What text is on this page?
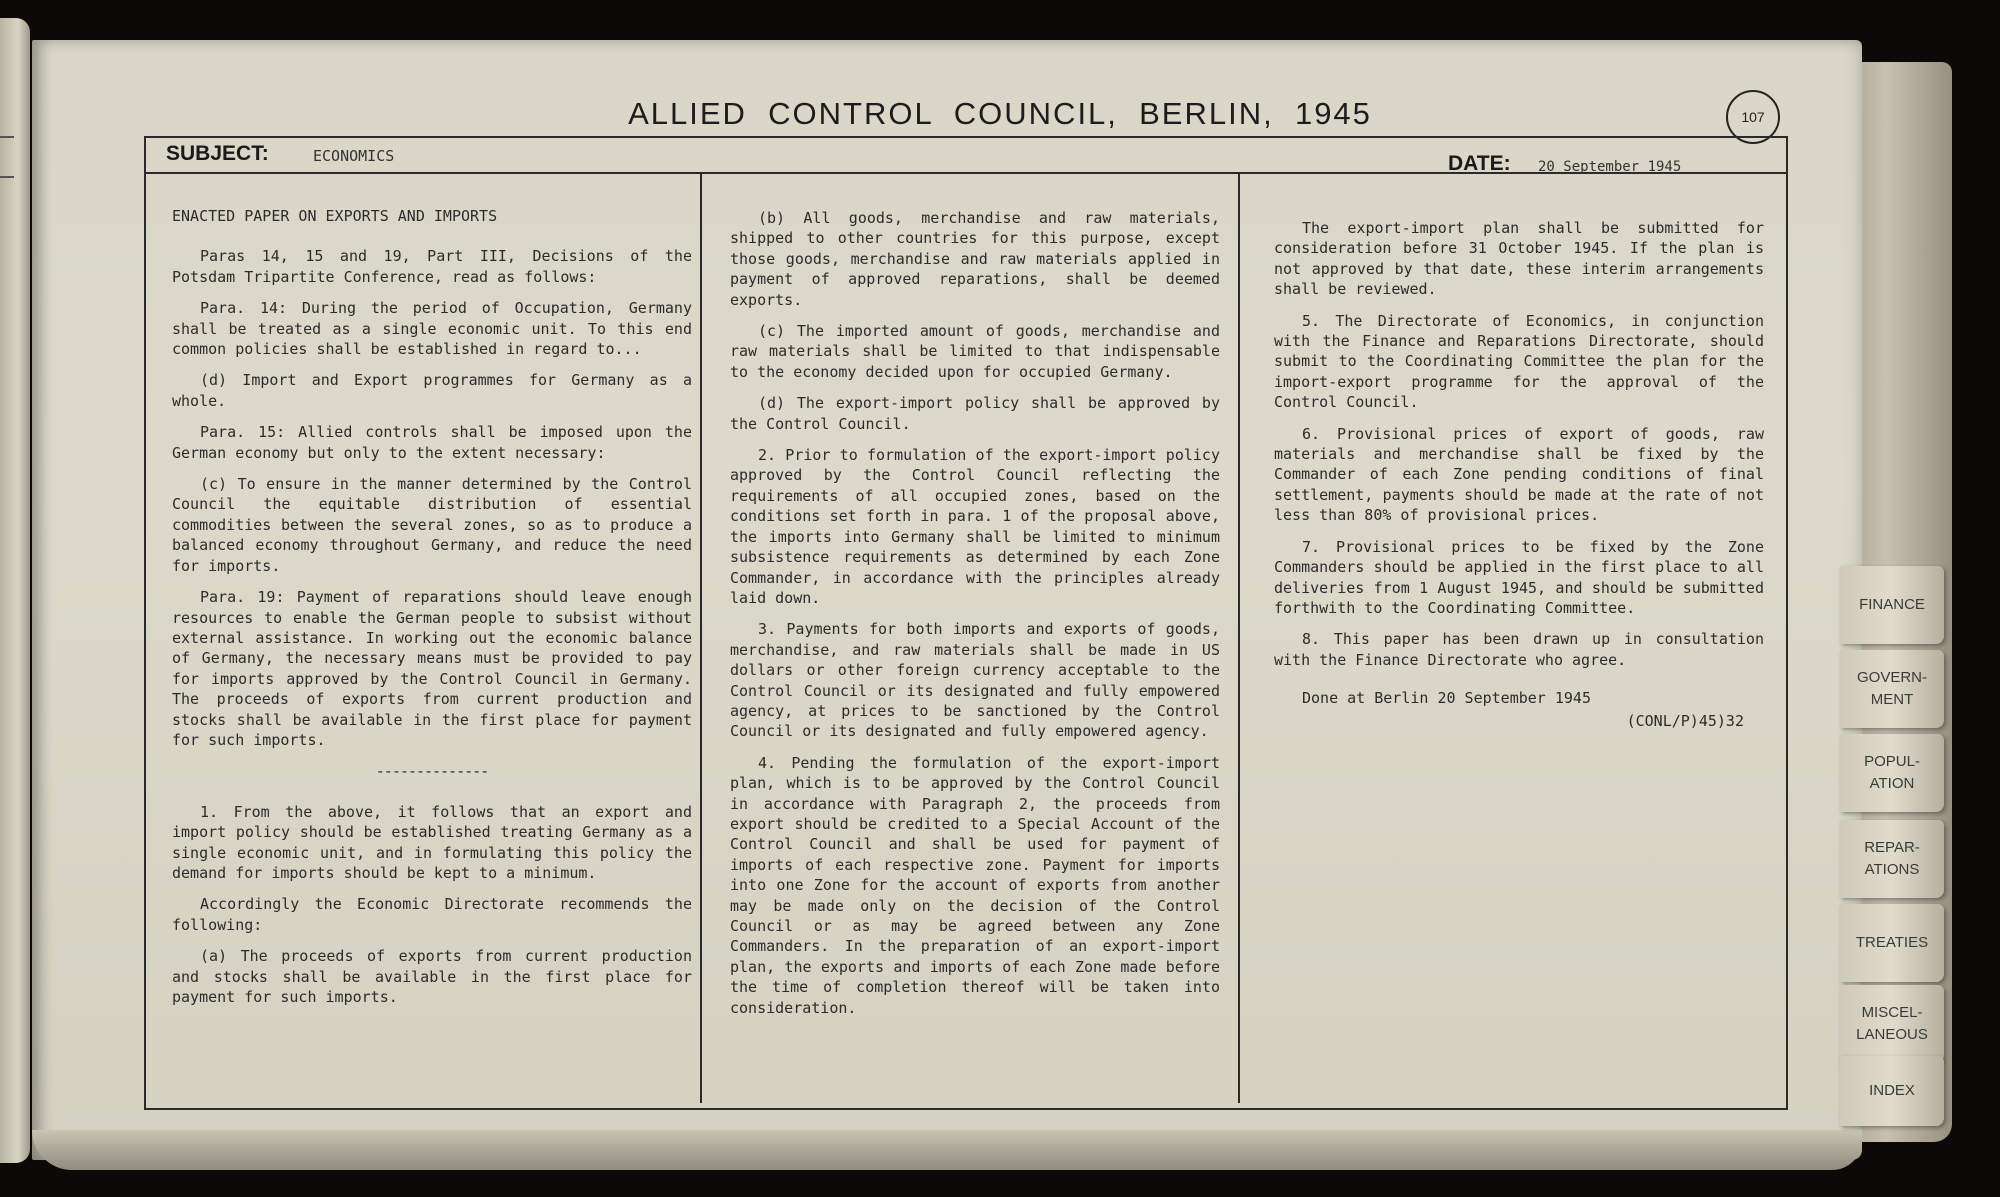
ALLIED  CONTROL  COUNCIL,  BERLIN,  1945	107
SUBJECT:	ECONOMICS	DATE: 20 September 1945

ENACTED PAPER ON EXPORTS AND IMPORTS

Paras 14, 15 and 19, Part III, Decisions of the Potsdam Tripartite Conference, read as follows:

Para. 14: During the period of Occupation, Germany shall be treated as a single economic unit. To this end common policies shall be established in regard to...

(d) Import and Export programmes for Germany as a whole.

Para. 15: Allied controls shall be imposed upon the German economy but only to the extent necessary:

(c) To ensure in the manner determined by the Control Council the equitable distribution of essential commodities between the several zones, so as to produce a balanced economy throughout Germany, and reduce the need for imports.

Para. 19: Payment of reparations should leave enough resources to enable the German people to subsist without external assistance. In working out the economic balance of Germany, the necessary means must be provided to pay for imports approved by the Control Council in Germany. The proceeds of exports from current production and stocks shall be available in the first place for payment for such imports.

--------------

1. From the above, it follows that an export and import policy should be established treating Germany as a single economic unit, and in formulating this policy the demand for imports should be kept to a minimum.

Accordingly the Economic Directorate recommends the following:

(a) The proceeds of exports from current production and stocks shall be available in the first place for payment for such imports.

(b) All goods, merchandise and raw materials, shipped to other countries for this purpose, except those goods, merchandise and raw materials applied in payment of approved reparations, shall be deemed exports.

(c) The imported amount of goods, merchandise and raw materials shall be limited to that indispensable to the economy decided upon for occupied Germany.

(d) The export-import policy shall be approved by the Control Council.

2. Prior to formulation of the export-import policy approved by the Control Council reflecting the requirements of all occupied zones, based on the conditions set forth in para. 1 of the proposal above, the imports into Germany shall be limited to minimum subsistence requirements as determined by each Zone Commander, in accordance with the principles already laid down.

3. Payments for both imports and exports of goods, merchandise, and raw materials shall be made in US dollars or other foreign currency acceptable to the Control Council or its designated and fully empowered agency, at prices to be sanctioned by the Control Council or its designated and fully empowered agency.

4. Pending the formulation of the export-import plan, which is to be approved by the Control Council in accordance with Paragraph 2, the proceeds from export should be credited to a Special Account of the Control Council and shall be used for payment of imports of each respective zone. Payment for imports into one Zone for the account of exports from another may be made only on the decision of the Control Council or as may be agreed between any Zone Commanders. In the preparation of an export-import plan, the exports and imports of each Zone made before the time of completion thereof will be taken into consideration.

The export-import plan shall be submitted for consideration before 31 October 1945. If the plan is not approved by that date, these interim arrangements shall be reviewed.

5. The Directorate of Economics, in conjunction with the Finance and Reparations Directorate, should submit to the Coordinating Committee the plan for the import-export programme for the approval of the Control Council.

6. Provisional prices of export of goods, raw materials and merchandise shall be fixed by the Commander of each Zone pending conditions of final settlement, payments should be made at the rate of not less than 80% of provisional prices.

7. Provisional prices to be fixed by the Zone Commanders should be applied in the first place to all deliveries from 1 August 1945, and should be submitted forthwith to the Coordinating Committee.

8. This paper has been drawn up in consultation with the Finance Directorate who agree.

Done at Berlin 20 September 1945

(CONL/P)45)32

FINANCE
GOVERN-
MENT
POPUL-
ATION
REPAR-
ATIONS
TREATIES
MISCEL-
LANEOUS
INDEX
